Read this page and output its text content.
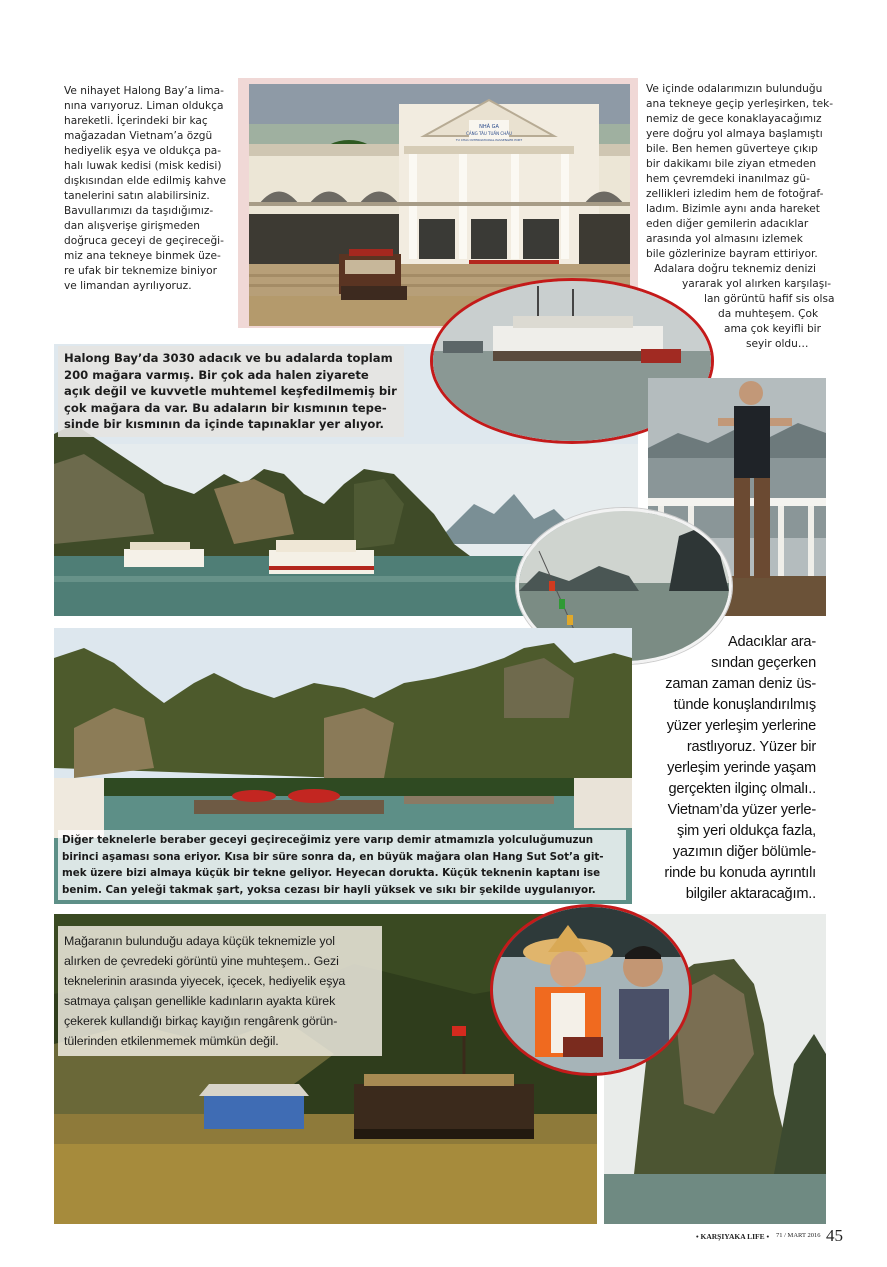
Ve nihayet Halong Bay’a lima-

nına varıyoruz. Liman oldukça

hareketli. İçerindeki bir kaç

mağazadan Vietnam’a özgü

hediyelik eşya ve oldukça pa-

halı luwak kedisi (misk kedisi)

dışkısından elde edilmiş kahve

tanelerini satın alabilirsiniz.

Bavullarımızı da taşıdığımız-

dan alışverişe girişmeden

doğruca geceyi de geçireceği-

miz ana tekneye binmek üze-

re ufak bir teknemize biniyor

ve limandan ayrılıyoruz.

NHÀ GA
CẢNG TÀU TUẦN CHÂU
TU CHAU INTERNATIONAL PASSENGER PORT

Ve içinde odalarımızın bulunduğu

ana tekneye geçip yerleşirken, tek-

nemiz de gece konaklayacağımız

yere doğru yol almaya başlamıştı

bile. Ben hemen güverteye çıkıp

bir dakikamı bile ziyan etmeden

hem çevremdeki inanılmaz gü-

zellikleri izledim hem de fotoğraf-

ladım. Bizimle aynı anda hareket

eden diğer gemilerin adacıklar

arasında yol almasını izlemek

bile gözlerinize bayram ettiriyor.

Adalara doğru teknemiz denizi

yararak yol alırken karşılaşı-

lan görüntü hafif sis olsa

da muhteşem. Çok

ama çok keyifli bir

seyir oldu…

Halong Bay’da 3030 adacık ve bu adalarda toplam
200 mağara varmış. Bir çok ada halen ziyarete
açık değil ve kuvvetle muhtemel keşfedilmemiş bir
çok mağara da var. Bu adaların bir kısmının tepe-
sinde bir kısmının da içinde tapınaklar yer alıyor.
Diğer teknelerle beraber geceyi geçireceğimiz yere varıp demir atmamızla yolculuğumuzun
birinci aşaması sona eriyor. Kısa bir süre sonra da, en büyük mağara olan Hang Sut Sot’a git-
mek üzere bizi almaya küçük bir tekne geliyor. Heyecan dorukta. Küçük teknenin kaptanı ise
benim. Can yeleği takmak şart, yoksa cezası bir hayli yüksek ve sıkı bir şekilde uygulanıyor.
Adacıklar ara-
sından geçerken
zaman zaman deniz üs-
tünde konuşlandırılmış
yüzer yerleşim yerlerine
rastlıyoruz. Yüzer bir
yerleşim yerinde yaşam
gerçekten ilginç olmalı..
Vietnam’da yüzer yerle-
şim yeri oldukça fazla,
yazımın diğer bölümle-
rinde bu konuda ayrıntılı
bilgiler aktaracağım..
Mağaranın bulunduğu adaya küçük teknemizle yol
alırken de çevredeki görüntü yine muhteşem.. Gezi
teknelerinin arasında yiyecek, içecek, hediyelik eşya
satmaya çalışan genellikle kadınların ayakta kürek
çekerek kullandığı birkaç kayığın rengârenk görün-
tülerinden etkilenmemek mümkün değil.
• KARŞIYAKA LIFE • 71 / MART 2016 45
